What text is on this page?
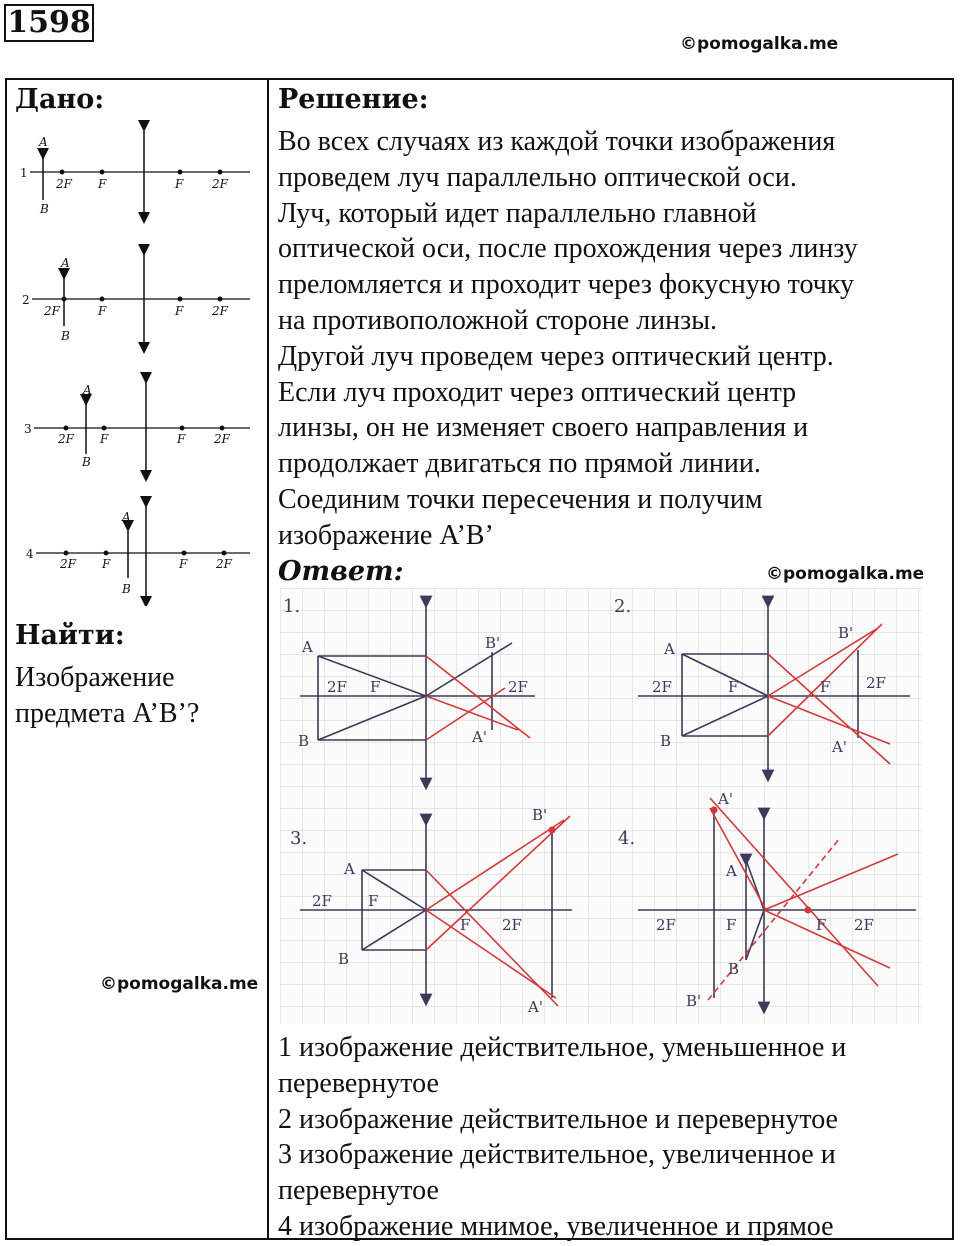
1598
©pomogalka.me
Дано:
1
A
B
2F F	F 2F
2
A
B
2F	F	F 2F
3
A
B
2F F	F 2F
4
A
B
2F F	F 2F
Найти:
Изображение
предмета A’B’?
©pomogalka.me
Решение:
Во всех случаях из каждой точки изображения
проведем луч параллельно оптической оси.
Луч, который идет параллельно главной
оптической оси, после прохождения через линзу
преломляется и проходит через фокусную точку
на противоположной стороне линзы.
Другой луч проведем через оптический центр.
Если луч проходит через оптический центр
линзы, он не изменяет своего направления и
продолжает двигаться по прямой линии.
Соединим точки пересечения и получим
изображение A’B’
Ответ:	©pomogalka.me
1.
A
B
2F F
B'
2F
A'
2.
A
B
2F	F
B'
F 2F
A'
3.
A
B
2F F
B'
F 2F
A'
4.
A'
A
2F	F	F 2F
B
B'
1 изображение действительное, уменьшенное и
перевернутое
2 изображение действительное и перевернутое
3 изображение действительное, увеличенное и
перевернутое
4 изображение мнимое, увеличенное и прямое
